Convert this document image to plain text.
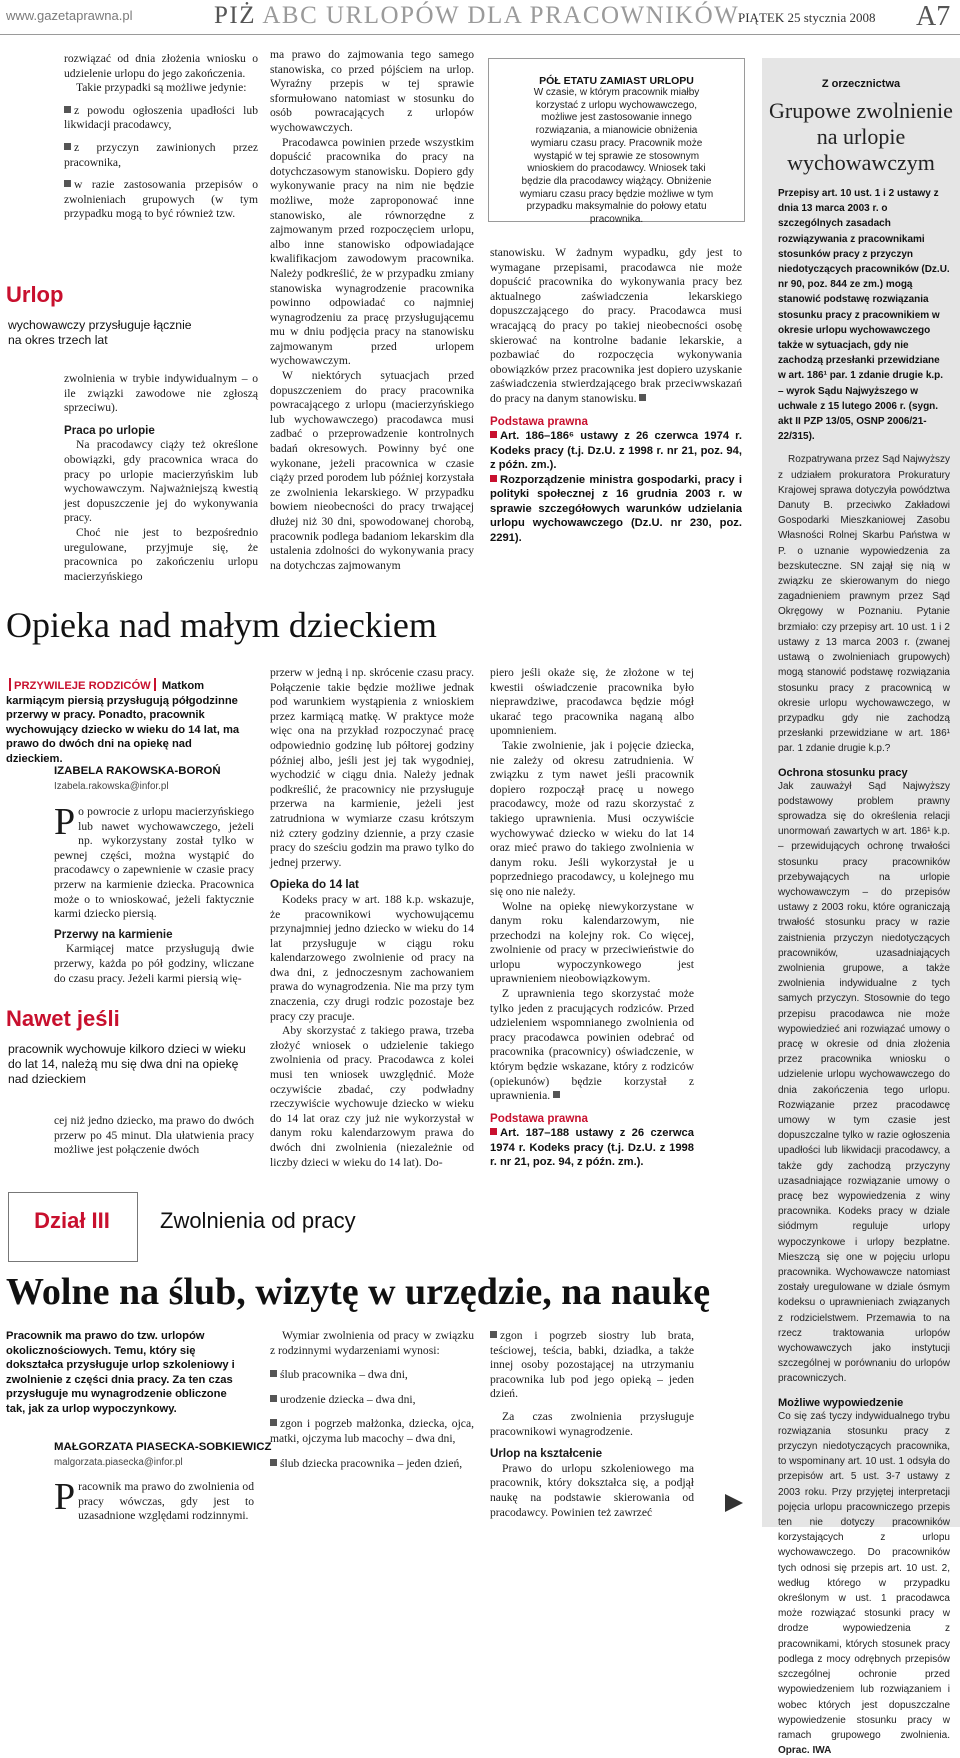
www.gazetaprawna.pl	PIŻ ABC URLOPÓW DLA PRACOWNIKÓW
PIĄTEK 25 stycznia 2008 A7

rozwiązać od dnia złożenia wniosku o udzielenie urlopu do jego zakończenia.

Takie przypadki są możliwe jedynie:

z powodu ogłoszenia upadłości lub likwidacji pracodawcy,

z przyczyn zawinionych przez pracownika,

w razie zastosowania przepisów o zwolnieniach grupowych (w tym przypadku mogą to być również tzw.

Urlop
wychowawczy przysługuje łącznie na okres trzech lat

zwolnienia w trybie indywidualnym – o ile związki zawodowe nie zgłoszą sprzeciwu).

Praca po urlopie

Na pracodawcy ciąży też określone obowiązki, gdy pracownica wraca do pracy po urlopie macierzyńskim lub wychowawczym. Najważniejszą kwestią jest dopuszczenie jej do wykonywania pracy.

Choć nie jest to bezpośrednio uregulowane, przyjmuje się, że pracownica po zakończeniu urlopu macierzyńskiego

ma prawo do zajmowania tego samego stanowiska, co przed pójściem na urlop. Wyraźny przepis w tej sprawie sformułowano natomiast w stosunku do osób powracających z urlopów wychowawczych.

Pracodawca powinien przede wszystkim dopuścić pracownika do pracy na dotychczasowym stanowisku. Dopiero gdy wykonywanie pracy na nim nie będzie możliwe, może zaproponować inne stanowisko, ale równorzędne z zajmowanym przed rozpoczęciem urlopu, albo inne stanowisko odpowiadające kwalifikacjom zawodowym pracownika. Należy podkreślić, że w przypadku zmiany stanowiska wynagrodzenie pracownika powinno odpowiadać co najmniej wynagrodzeniu za pracę przysługującemu mu w dniu podjęcia pracy na stanowisku zajmowanym przed urlopem wychowawczym.

W niektórych sytuacjach przed dopuszczeniem do pracy pracownika powracającego z urlopu (macierzyńskiego lub wychowawczego) pracodawca musi zadbać o przeprowadzenie kontrolnych badań okresowych. Powinny być one wykonane, jeżeli pracownica w czasie ciąży przed porodem lub później korzystała ze zwolnienia lekarskiego. W przypadku bowiem nieobecności do pracy trwającej dłużej niż 30 dni, spowodowanej chorobą, pracownik podlega badaniom lekarskim dla ustalenia zdolności do wykonywania pracy na dotychczas zajmowanym

PÓŁ ETATU ZAMIAST URLOPU
W czasie, w którym pracownik miałby korzystać z urlopu wychowawczego, możliwe jest zastosowanie innego rozwiązania, a mianowicie obniżenia wymiaru czasu pracy. Pracownik może wystąpić w tej sprawie ze stosownym wnioskiem do pracodawcy. Wniosek taki będzie dla pracodawcy wiążący. Obniżenie wymiaru czasu pracy będzie możliwe w tym przypadku maksymalnie do połowy etatu pracownika.

stanowisku. W żadnym wypadku, gdy jest to wymagane przepisami, pracodawca nie może dopuścić pracownika do wykonywania pracy bez aktualnego zaświadczenia lekarskiego dopuszczającego do pracy. Pracodawca musi wracającą do pracy po takiej nieobecności osobę skierować na kontrolne badanie lekarskie, a pozbawiać do rozpoczęcia wykonywania obowiązków przez pracownika jest dopiero uzyskanie zaświadczenia stwierdzającego brak przeciwwskazań do pracy na danym stanowisku.

Podstawa prawna

Art. 186–186⁶ ustawy z 26 czerwca 1974 r. Kodeks pracy (t.j. Dz.U. z 1998 r. nr 21, poz. 94, z późn. zm.).

Rozporządzenie ministra gospodarki, pracy i polityki społecznej z 16 grudnia 2003 r. w sprawie szczegółowych warunków udzielania urlopu wychowawczego (Dz.U. nr 230, poz. 2291).

Opieka nad małym dzieckiem
PRZYWILEJE RODZICÓW Matkom karmiącym piersią przysługują półgodzinne przerwy w pracy. Ponadto, pracownik wychowujący dziecko w wieku do 14 lat, ma prawo do dwóch dni na opiekę nad dzieckiem.
IZABELA RAKOWSKA-BOROŃ
Izabela.rakowska@infor.pl

Po powrocie z urlopu macierzyńskiego lub nawet wychowawczego, jeżeli np. wykorzystany został tylko w pewnej części, można wystąpić do pracodawcy o zapewnienie w czasie pracy przerw na karmienie dziecka. Pracownica może o to wnioskować, jeżeli faktycznie karmi dziecko piersią.

Przerwy na karmienie

Karmiącej matce przysługują dwie przerwy, każda po pół godziny, wliczane do czasu pracy. Jeżeli karmi piersią wię-

Nawet jeśli
pracownik wychowuje kilkoro dzieci w wieku do lat 14, należą mu się dwa dni na opiekę nad dzieckiem

cej niż jedno dziecko, ma prawo do dwóch przerw po 45 minut. Dla ułatwienia pracy możliwe jest połączenie dwóch

przerw w jedną i np. skrócenie czasu pracy. Połączenie takie będzie możliwe jednak pod warunkiem wystąpienia z wnioskiem przez karmiącą matkę. W praktyce może więc ona na przykład rozpoczynać pracę odpowiednio godzinę lub półtorej godziny później albo, jeśli jest jej tak wygodniej, wychodzić w ciągu dnia. Należy jednak podkreślić, że pracownicy nie przysługuje przerwa na karmienie, jeżeli jest zatrudniona w wymiarze czasu krótszym niż cztery godziny dziennie, a przy czasie pracy do sześciu godzin ma prawo tylko do jednej przerwy.

Opieka do 14 lat

Kodeks pracy w art. 188 k.p. wskazuje, że pracownikowi wychowującemu przynajmniej jedno dziecko w wieku do 14 lat przysługuje w ciągu roku kalendarzowego zwolnienie od pracy na dwa dni, z jednoczesnym zachowaniem prawa do wynagrodzenia. Nie ma przy tym znaczenia, czy drugi rodzic pozostaje bez pracy czy pracuje.

Aby skorzystać z takiego prawa, trzeba złożyć wniosek o udzielenie takiego zwolnienia od pracy. Pracodawca z kolei musi ten wniosek uwzględnić. Może oczywiście zbadać, czy podwładny rzeczywiście wychowuje dziecko w wieku do 14 lat oraz czy już nie wykorzystał w danym roku kalendarzowym prawa do dwóch dni zwolnienia (niezależnie od liczby dzieci w wieku do 14 lat). Do-

piero jeśli okaże się, że złożone w tej kwestii oświadczenie pracownika było nieprawdziwe, pracodawca będzie mógł ukarać tego pracownika naganą albo upomnieniem.

Takie zwolnienie, jak i pojęcie dziecka, nie zależy od okresu zatrudnienia. W związku z tym nawet jeśli pracownik dopiero rozpoczął pracę u nowego pracodawcy, może od razu skorzystać z takiego uprawnienia. Musi oczywiście wychowywać dziecko w wieku do lat 14 oraz mieć prawo do takiego zwolnienia w danym roku. Jeśli wykorzystał je u poprzedniego pracodawcy, u kolejnego mu się ono nie należy.

Wolne na opiekę niewykorzystane w danym roku kalendarzowym, nie przechodzi na kolejny rok. Co więcej, zwolnienie od pracy w przeciwieństwie do urlopu wypoczynkowego jest uprawnieniem nieobowiązkowym.

Z uprawnienia tego skorzystać może tylko jeden z pracujących rodziców. Przed udzieleniem wspomnianego zwolnienia od pracy pracodawca powinien odebrać od pracownika (pracownicy) oświadczenie, w którym będzie wskazane, który z rodziców (opiekunów) będzie korzystał z uprawnienia.

Podstawa prawna

Art. 187–188 ustawy z 26 czerwca 1974 r. Kodeks pracy (t.j. Dz.U. z 1998 r. nr 21, poz. 94, z późn. zm.).

Z orzecznictwa
Grupowe zwolnienie na urlopie wychowawczym
Przepisy art. 10 ust. 1 i 2 ustawy z dnia 13 marca 2003 r. o szczególnych zasadach rozwiązywania z pracownikami stosunków pracy z przyczyn niedotyczących pracowników (Dz.U. nr 90, poz. 844 ze zm.) mogą stanowić podstawę rozwiązania stosunku pracy z pracownikiem w okresie urlopu wychowawczego także w sytuacjach, gdy nie zachodzą przesłanki przewidziane w art. 186¹ par. 1 zdanie drugie k.p. – wyrok Sądu Najwyższego w uchwale z 15 lutego 2006 r. (sygn. akt II PZP 13/05, OSNP 2006/21-22/315).
Rozpatrywana przez Sąd Najwyższy z udziałem prokuratora Prokuratury Krajowej sprawa dotyczyła powództwa Danuty B. przeciwko Zakładowi Gospodarki Mieszkaniowej Zasobu Własności Rolnej Skarbu Państwa w P. o uznanie wypowiedzenia za bezskuteczne. SN zajął się nią w związku ze skierowanym do niego zagadnieniem prawnym przez Sąd Okręgowy w Poznaniu. Pytanie brzmiało: czy przepisy art. 10 ust. 1 i 2 ustawy z 13 marca 2003 r. (zwanej ustawą o zwolnieniach grupowych) mogą stanowić podstawę rozwiązania stosunku pracy z pracownicą w okresie urlopu wychowawczego, w przypadku gdy nie zachodzą przesłanki przewidziane w art. 186¹ par. 1 zdanie drugie k.p.?
Ochrona stosunku pracy
Jak zauważył Sąd Najwyższy podstawowy problem prawny sprowadza się do określenia relacji unormowań zawartych w art. 186¹ k.p. – przewidujących ochronę trwałości stosunku pracy pracowników przebywających na urlopie wychowawczym – do przepisów ustawy z 2003 roku, które ograniczają trwałość stosunku pracy w razie zaistnienia przyczyn niedotyczących pracowników, uzasadniających zwolnienia grupowe, a także zwolnienia indywidualne z tych samych przyczyn. Stosownie do tego przepisu pracodawca nie może wypowiedzieć ani rozwiązać umowy o pracę w okresie od dnia złożenia przez pracownika wniosku o udzielenie urlopu wychowawczego do dnia zakończenia tego urlopu. Rozwiązanie przez pracodawcę umowy w tym czasie jest dopuszczalne tylko w razie ogłoszenia upadłości lub likwidacji pracodawcy, a także gdy zachodzą przyczyny uzasadniające rozwiązanie umowy o pracę bez wypowiedzenia z winy pracownika. Kodeks pracy w dziale siódmym reguluje urlopy wypoczynkowe i urlopy bezpłatne. Mieszczą się one w pojęciu urlopu pracownika. Wychowawcze natomiast zostały uregulowane w dziale ósmym kodeksu o uprawnieniach związanych z rodzicielstwem. Przemawia to na rzecz traktowania urlopów wychowawczych jako instytucji szczególnej w porównaniu do urlopów pracowniczych.
Możliwe wypowiedzenie
Co się zaś tyczy indywidualnego trybu rozwiązania stosunku pracy z przyczyn niedotyczących pracownika, to wspominany art. 10 ust. 1 odsyła do przepisów art. 5 ust. 3-7 ustawy z 2003 roku. Przy przyjętej interpretacji pojęcia urlopu pracowniczego przepis ten nie dotyczy pracowników korzystających z urlopu wychowawczego. Do pracowników tych odnosi się przepis art. 10 ust. 2, według którego w przypadku określonym w ust. 1 pracodawca może rozwiązać stosunki pracy w drodze wypowiedzenia z pracownikami, których stosunek pracy podlega z mocy odrębnych przepisów szczególnej ochronie przed wypowiedzeniem lub rozwiązaniem i wobec których jest dopuszczalne wypowiedzenie stosunku pracy w ramach grupowego zwolnienia. Oprac. IWA
Dział III	Zwolnienia od pracy
Wolne na ślub, wizytę w urzędzie, na naukę
Pracownik ma prawo do tzw. urlopów okolicznościowych. Temu, który się dokształca przysługuje urlop szkoleniowy i zwolnienie z części dnia pracy. Za ten czas przysługuje mu wynagrodzenie obliczone tak, jak za urlop wypoczynkowy.
MAŁGORZATA PIASECKA-SOBKIEWICZ
malgorzata.piasecka@infor.pl

Pracownik ma prawo do zwolnienia od pracy wówczas, gdy jest to uzasadnione względami rodzinnymi.

Wymiar zwolnienia od pracy w związku z rodzinnymi wydarzeniami wynosi:

ślub pracownika – dwa dni,

urodzenie dziecka – dwa dni,

zgon i pogrzeb małżonka, dziecka, ojca, matki, ojczyma lub macochy – dwa dni,

ślub dziecka pracownika – jeden dzień,

zgon i pogrzeb siostry lub brata, teściowej, teścia, babki, dziadka, a także innej osoby pozostającej na utrzymaniu pracownika lub pod jego opieką – jeden dzień.

Za czas zwolnienia przysługuje pracownikowi wynagrodzenie.

Urlop na kształcenie

Prawo do urlopu szkoleniowego ma pracownik, który dokształca się, a podjął naukę na podstawie skierowania od pracodawcy. Powinien też zawrzeć
